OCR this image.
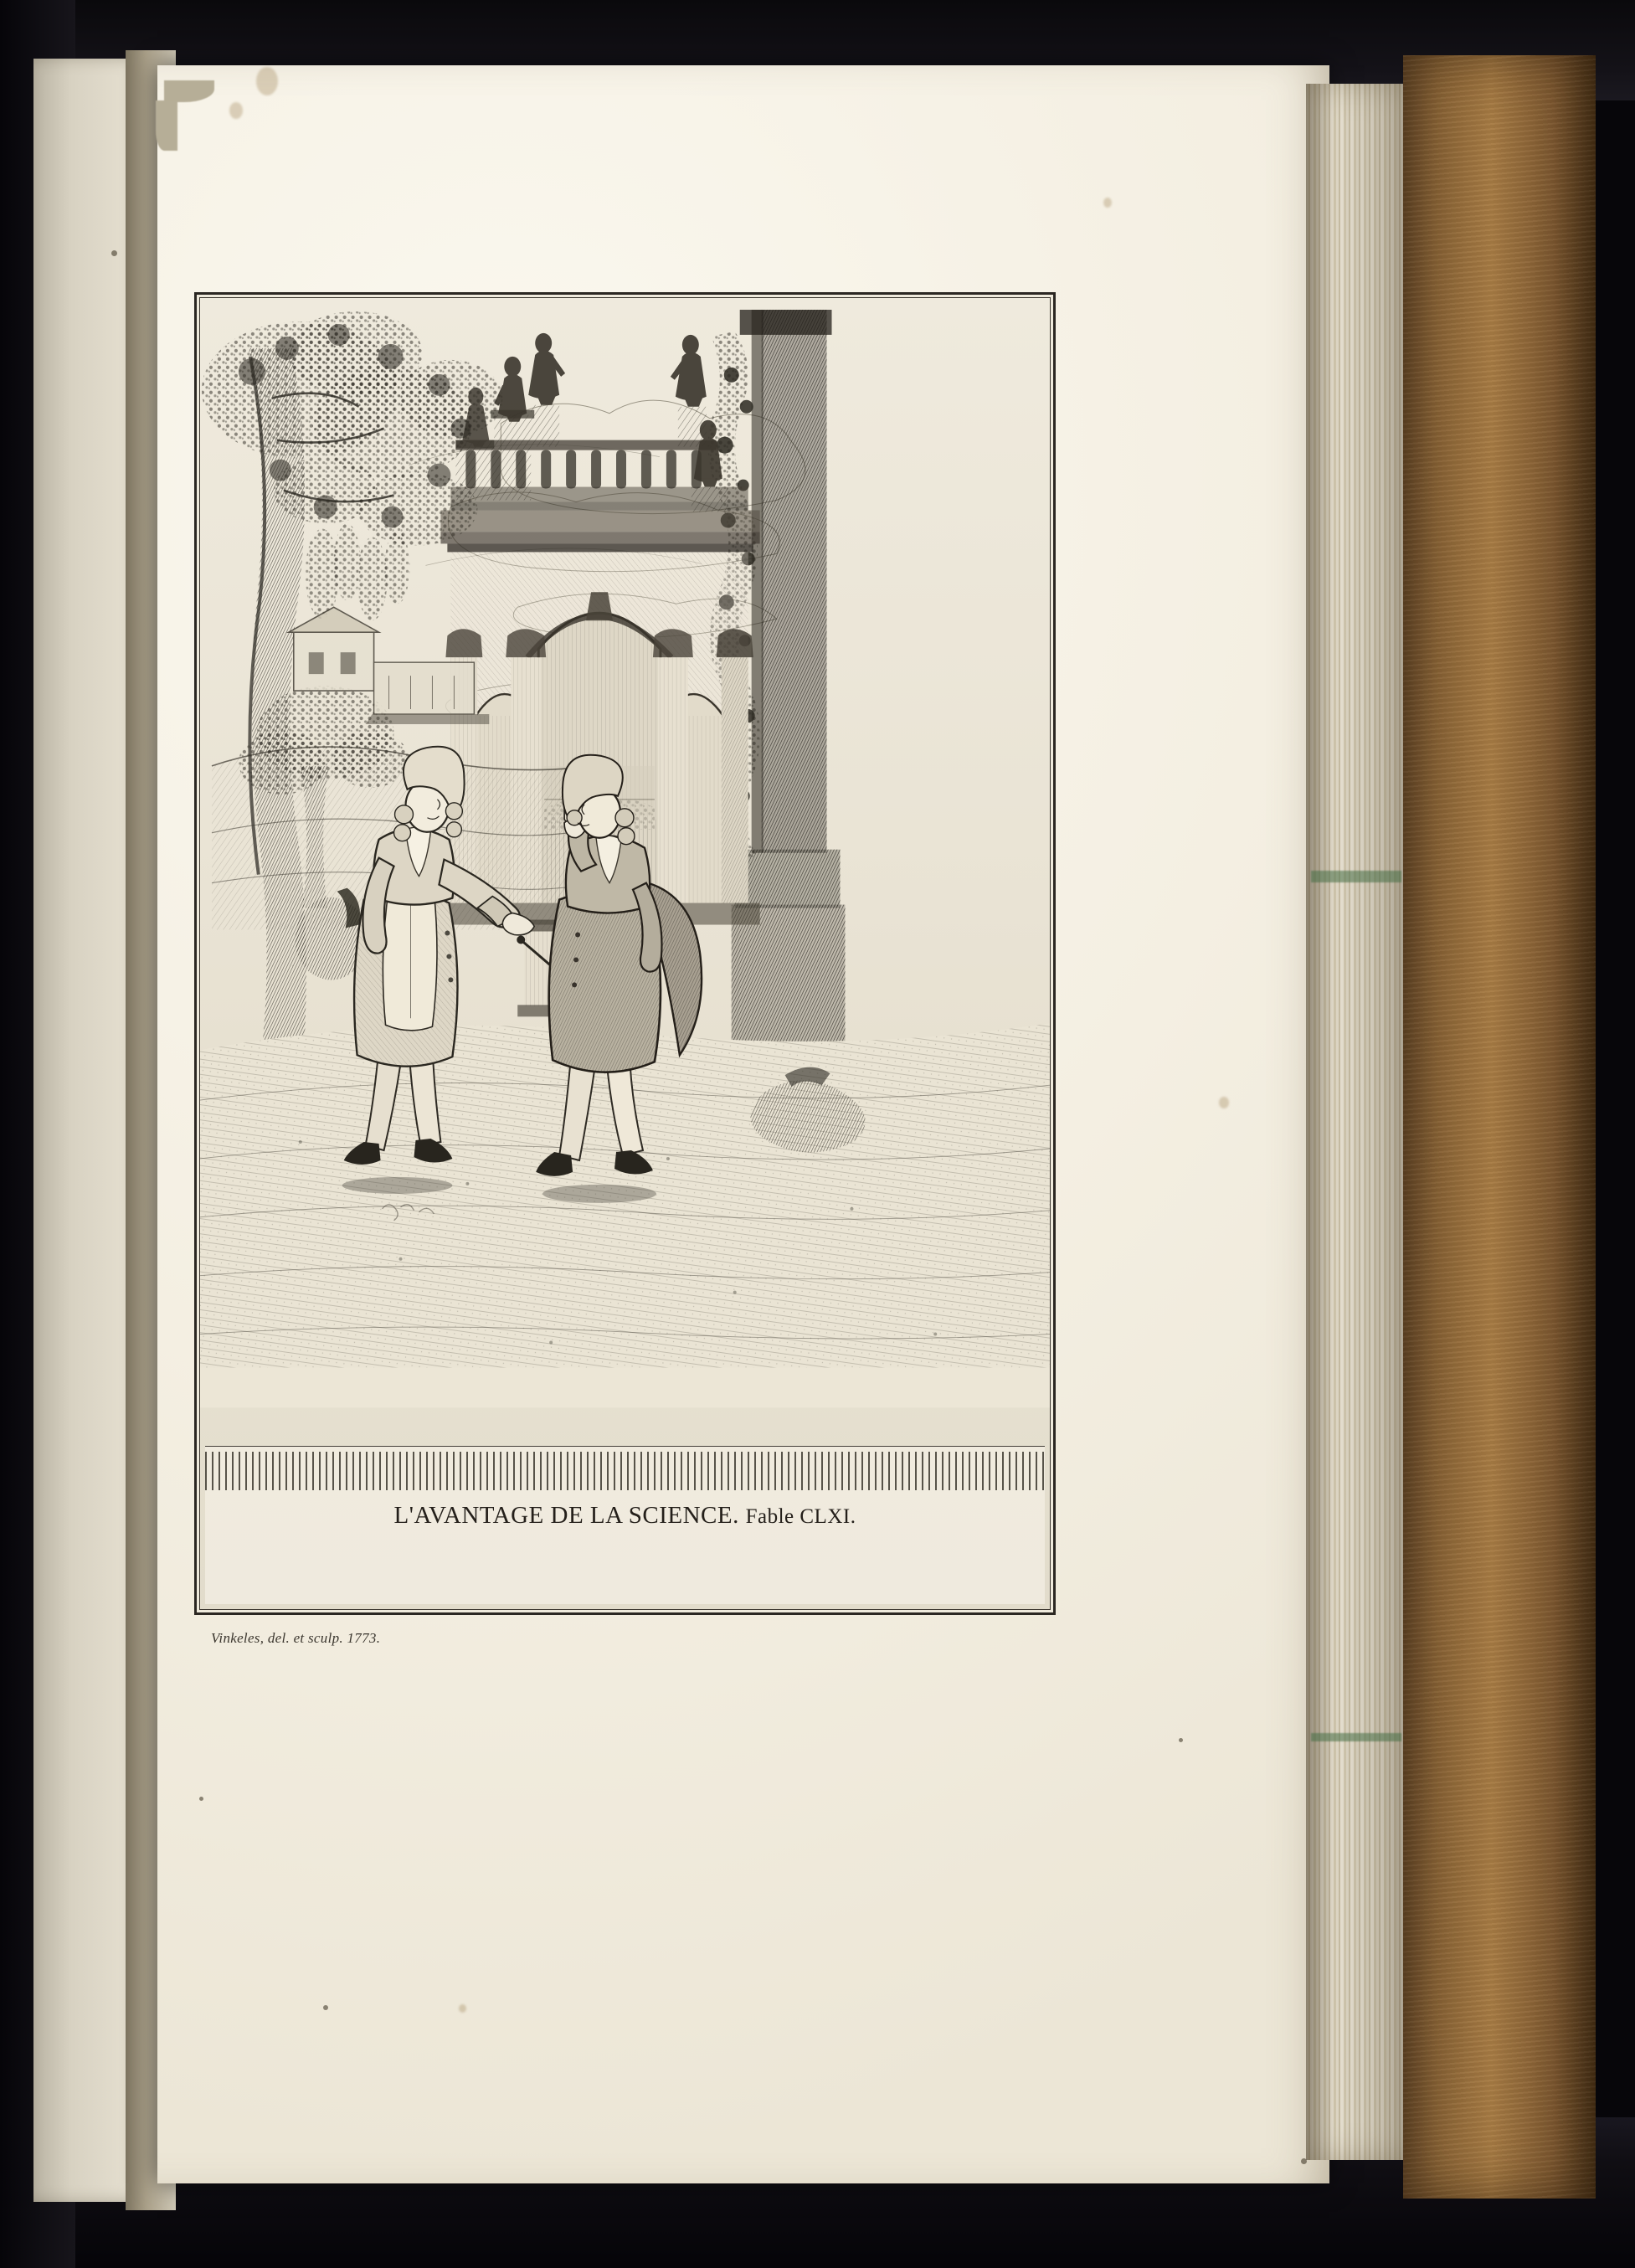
L'AVANTAGE DE LA SCIENCE. Fable CLXI.
Vinkeles, del. et sculp. 1773.
